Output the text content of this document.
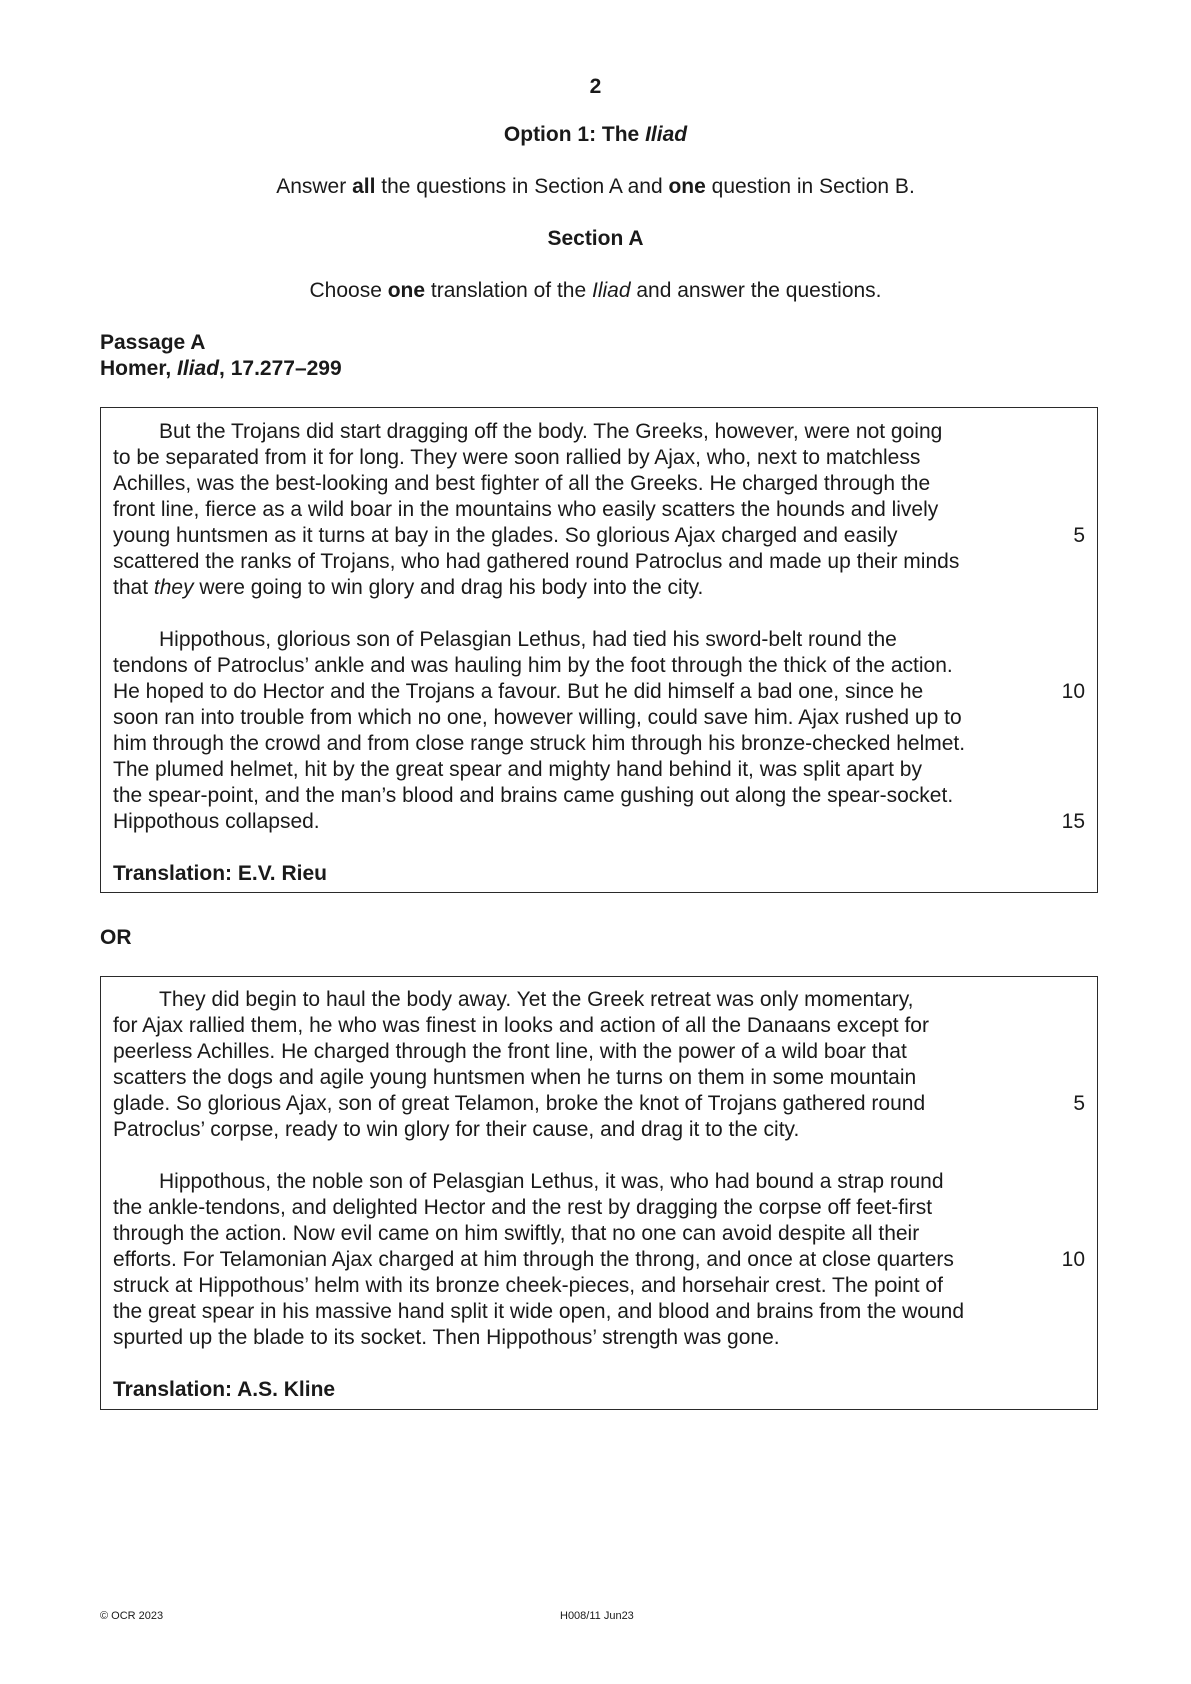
2
Option 1: The Iliad
Answer all the questions in Section A and one question in Section B.
Section A
Choose one translation of the Iliad and answer the questions.
Passage A
Homer, Iliad, 17.277–299
But the Trojans did start dragging off the body. The Greeks, however, were not going
to be separated from it for long. They were soon rallied by Ajax, who, next to matchless
Achilles, was the best-looking and best fighter of all the Greeks. He charged through the
front line, fierce as a wild boar in the mountains who easily scatters the hounds and lively
young huntsmen as it turns at bay in the glades. So glorious Ajax charged and easily
scattered the ranks of Trojans, who had gathered round Patroclus and made up their minds
that they were going to win glory and drag his body into the city.
Hippothous, glorious son of Pelasgian Lethus, had tied his sword-belt round the
tendons of Patroclus’ ankle and was hauling him by the foot through the thick of the action.
He hoped to do Hector and the Trojans a favour. But he did himself a bad one, since he
soon ran into trouble from which no one, however willing, could save him. Ajax rushed up to
him through the crowd and from close range struck him through his bronze-checked helmet.
The plumed helmet, hit by the great spear and mighty hand behind it, was split apart by
the spear-point, and the man’s blood and brains came gushing out along the spear-socket.
Hippothous collapsed.
5
10
15
Translation: E.V. Rieu
OR
They did begin to haul the body away. Yet the Greek retreat was only momentary,
for Ajax rallied them, he who was finest in looks and action of all the Danaans except for
peerless Achilles. He charged through the front line, with the power of a wild boar that
scatters the dogs and agile young huntsmen when he turns on them in some mountain
glade. So glorious Ajax, son of great Telamon, broke the knot of Trojans gathered round
Patroclus’ corpse, ready to win glory for their cause, and drag it to the city.
Hippothous, the noble son of Pelasgian Lethus, it was, who had bound a strap round
the ankle-tendons, and delighted Hector and the rest by dragging the corpse off feet-first
through the action. Now evil came on him swiftly, that no one can avoid despite all their
efforts. For Telamonian Ajax charged at him through the throng, and once at close quarters
struck at Hippothous’ helm with its bronze cheek-pieces, and horsehair crest. The point of
the great spear in his massive hand split it wide open, and blood and brains from the wound
spurted up the blade to its socket. Then Hippothous’ strength was gone.
5
10
Translation: A.S. Kline
© OCR 2023	H008/11 Jun23
